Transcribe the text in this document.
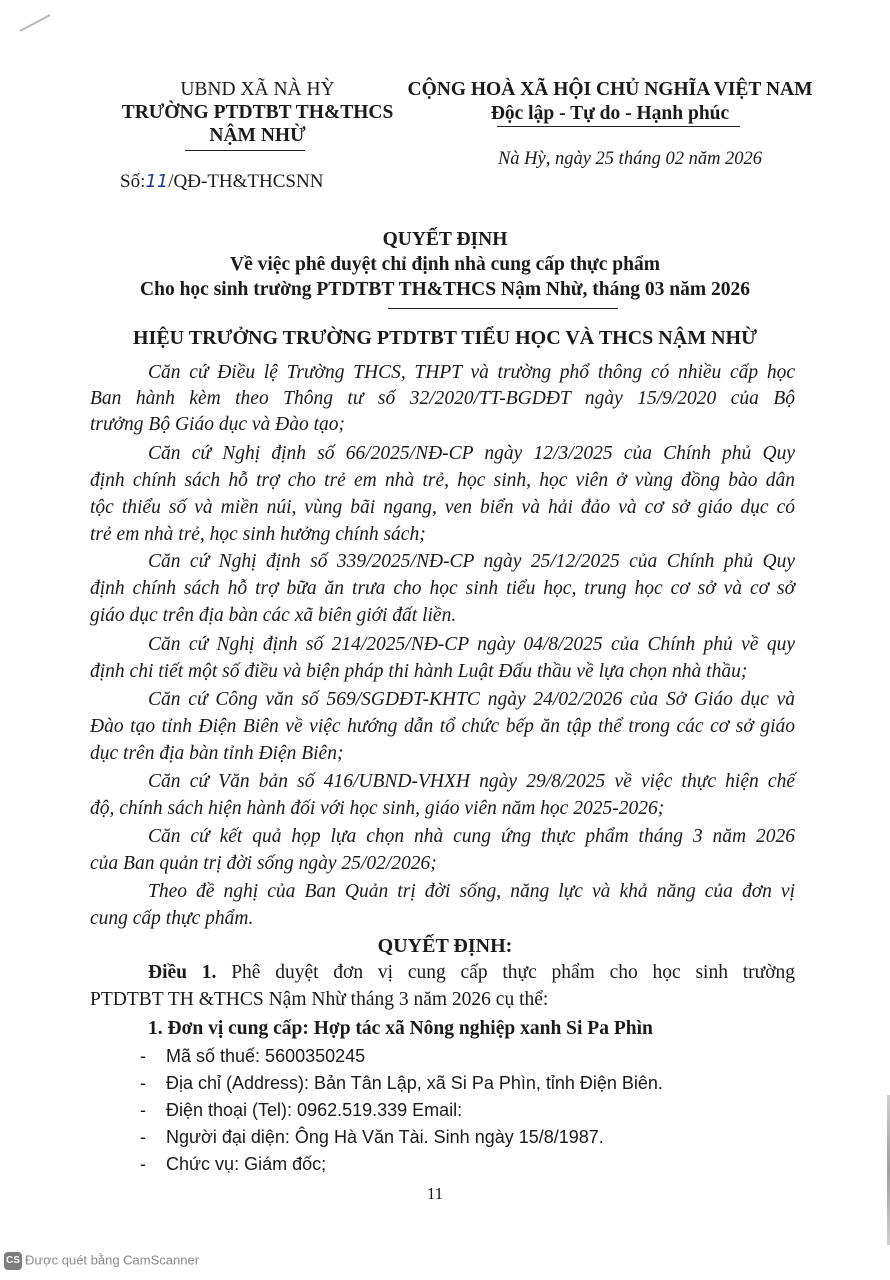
UBND XÃ NÀ HỲ
TRƯỜNG PTDTBT TH&THCS
NẬM NHỪ
Số:11/QĐ-TH&THCSNN
CỘNG HOÀ XÃ HỘI CHỦ NGHĨA VIỆT NAM
Độc lập - Tự do - Hạnh phúc
Nà Hỳ, ngày 25 tháng 02 năm 2026
QUYẾT ĐỊNH
Về việc phê duyệt chỉ định nhà cung cấp thực phẩm
Cho học sinh trường PTDTBT TH&THCS Nậm Nhừ, tháng 03 năm 2026
HIỆU TRƯỞNG TRƯỜNG PTDTBT TIỂU HỌC VÀ THCS NẬM NHỪ
Căn cứ Điều lệ Trường THCS, THPT và trường phổ thông có nhiều cấp học
Ban hành kèm theo Thông tư số 32/2020/TT-BGDĐT ngày 15/9/2020 của Bộ
trưởng Bộ Giáo dục và Đào tạo;
Căn cứ Nghị định số 66/2025/NĐ-CP ngày 12/3/2025 của Chính phủ Quy
định chính sách hỗ trợ cho trẻ em nhà trẻ, học sinh, học viên ở vùng đồng bào dân
tộc thiểu số và miền núi, vùng bãi ngang, ven biển và hải đảo và cơ sở giáo dục có
trẻ em nhà trẻ, học sinh hưởng chính sách;
Căn cứ Nghị định số 339/2025/NĐ-CP ngày 25/12/2025 của Chính phủ Quy
định chính sách hỗ trợ bữa ăn trưa cho học sinh tiểu học, trung học cơ sở và cơ sở
giáo dục trên địa bàn các xã biên giới đất liền.
Căn cứ Nghị định số 214/2025/NĐ-CP ngày 04/8/2025 của Chính phủ về quy
định chi tiết một số điều và biện pháp thi hành Luật Đấu thầu về lựa chọn nhà thầu;
Căn cứ Công văn số 569/SGDĐT-KHTC ngày 24/02/2026 của Sở Giáo dục và
Đào tạo tỉnh Điện Biên về việc hướng dẫn tổ chức bếp ăn tập thể trong các cơ sở giáo
dục trên địa bàn tỉnh Điện Biên;
Căn cứ Văn bản số 416/UBND-VHXH ngày 29/8/2025 về việc thực hiện chế
độ, chính sách hiện hành đối với học sinh, giáo viên năm học 2025-2026;
Căn cứ kết quả họp lựa chọn nhà cung ứng thực phẩm tháng 3 năm 2026
của Ban quản trị đời sống ngày 25/02/2026;
Theo đề nghị của Ban Quản trị đời sống, năng lực và khả năng của đơn vị
cung cấp thực phẩm.
QUYẾT ĐỊNH:
Điều 1. Phê duyệt đơn vị cung cấp thực phẩm cho học sinh trường
PTDTBT TH &THCS Nậm Nhừ tháng 3 năm 2026 cụ thể:
1. Đơn vị cung cấp: Hợp tác xã Nông nghiệp xanh Si Pa Phìn
- Mã số thuế: 5600350245
- Địa chỉ (Address): Bản Tân Lập, xã Si Pa Phìn, tỉnh Điện Biên.
- Điện thoại (Tel): 0962.519.339 Email:
- Người đại diện: Ông Hà Văn Tài. Sinh ngày 15/8/1987.
- Chức vụ: Giám đốc;
11
CS Được quét bằng CamScanner
